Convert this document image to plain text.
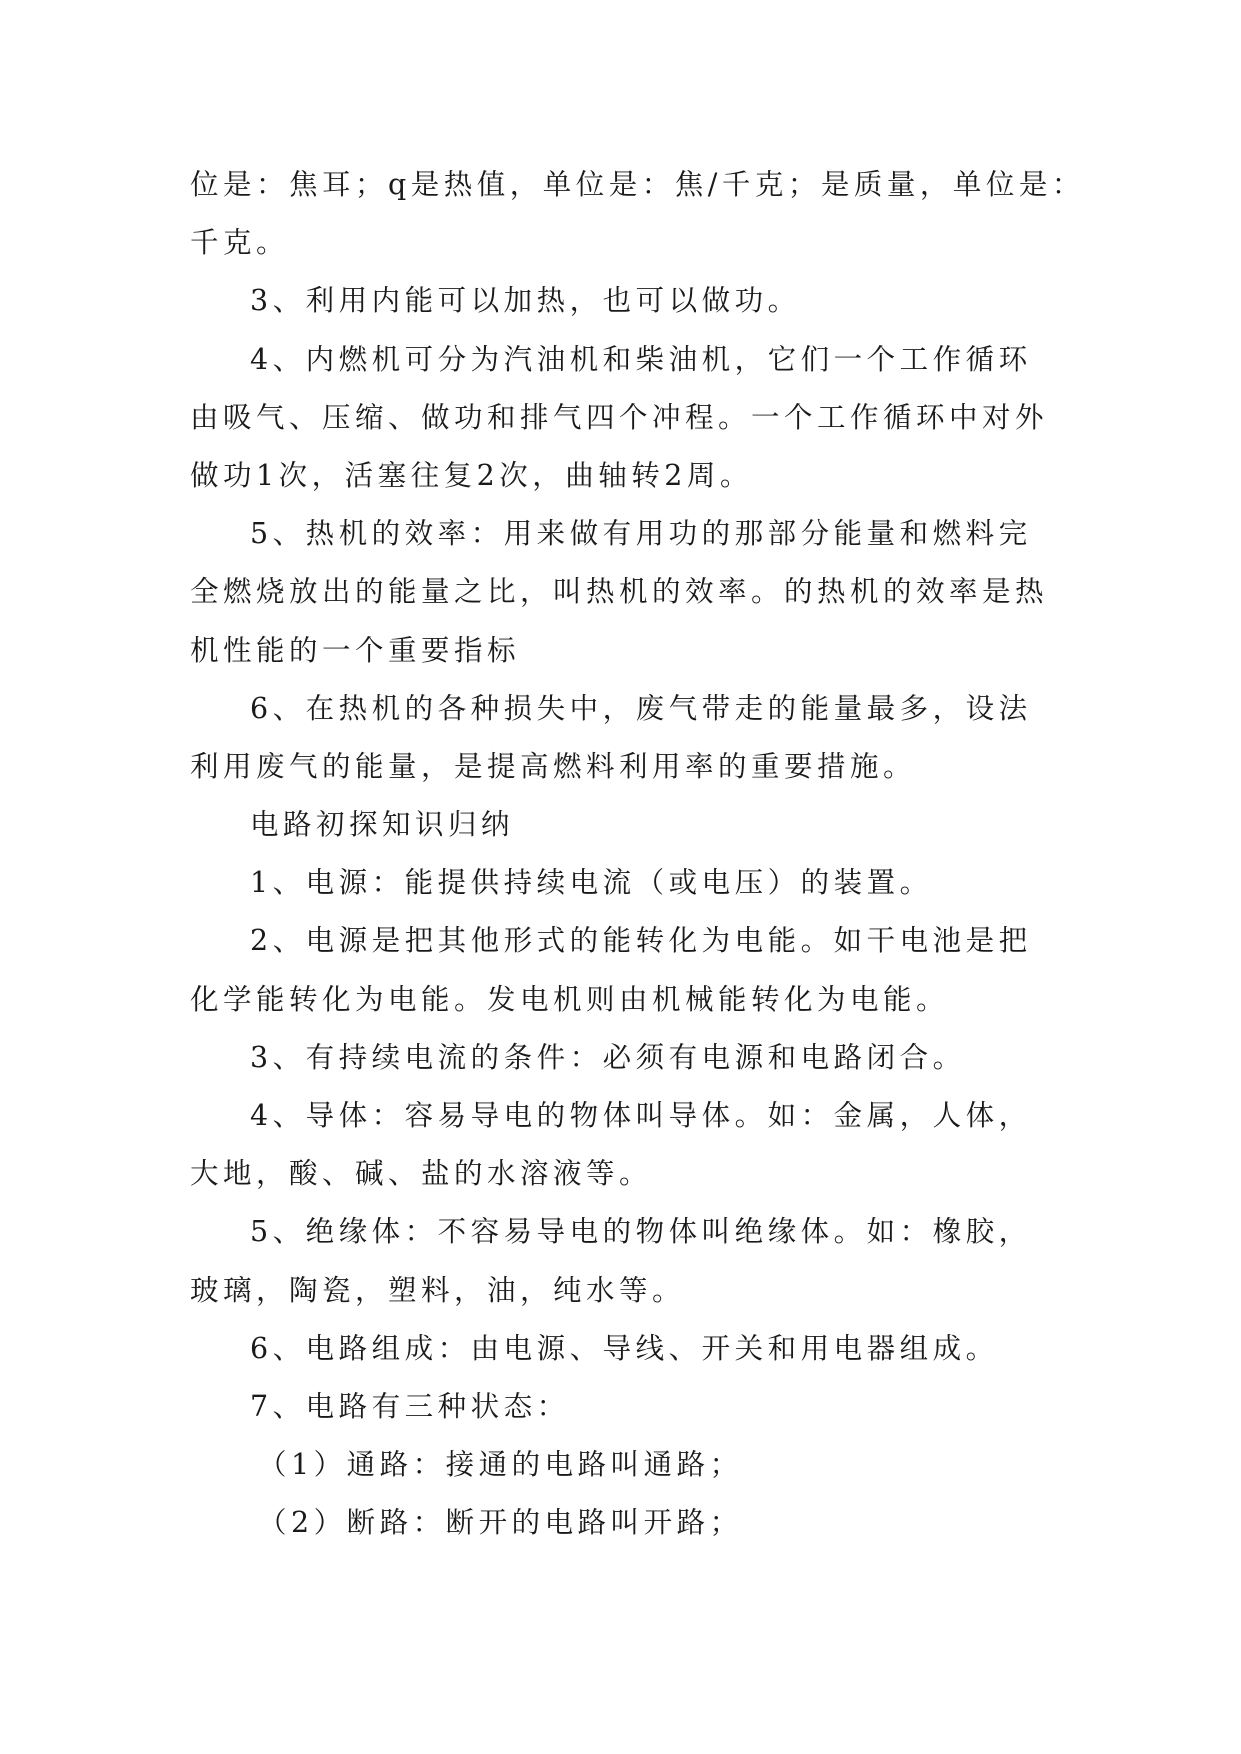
位是：焦耳；q是热值，单位是：焦/千克；是质量，单位是：
千克。
3、利用内能可以加热，也可以做功。
4、内燃机可分为汽油机和柴油机，它们一个工作循环
由吸气、压缩、做功和排气四个冲程。一个工作循环中对外
做功1次，活塞往复2次，曲轴转2周。
5、热机的效率：用来做有用功的那部分能量和燃料完
全燃烧放出的能量之比，叫热机的效率。的热机的效率是热
机性能的一个重要指标
6、在热机的各种损失中，废气带走的能量最多，设法
利用废气的能量，是提高燃料利用率的重要措施。
电路初探知识归纳
1、电源：能提供持续电流（或电压）的装置。
2、电源是把其他形式的能转化为电能。如干电池是把
化学能转化为电能。发电机则由机械能转化为电能。
3、有持续电流的条件：必须有电源和电路闭合。
4、导体：容易导电的物体叫导体。如：金属，人体，
大地，酸、碱、盐的水溶液等。
5、绝缘体：不容易导电的物体叫绝缘体。如：橡胶，
玻璃，陶瓷，塑料，油，纯水等。
6、电路组成：由电源、导线、开关和用电器组成。
7、电路有三种状态：
（1）通路：接通的电路叫通路；
（2）断路：断开的电路叫开路；
